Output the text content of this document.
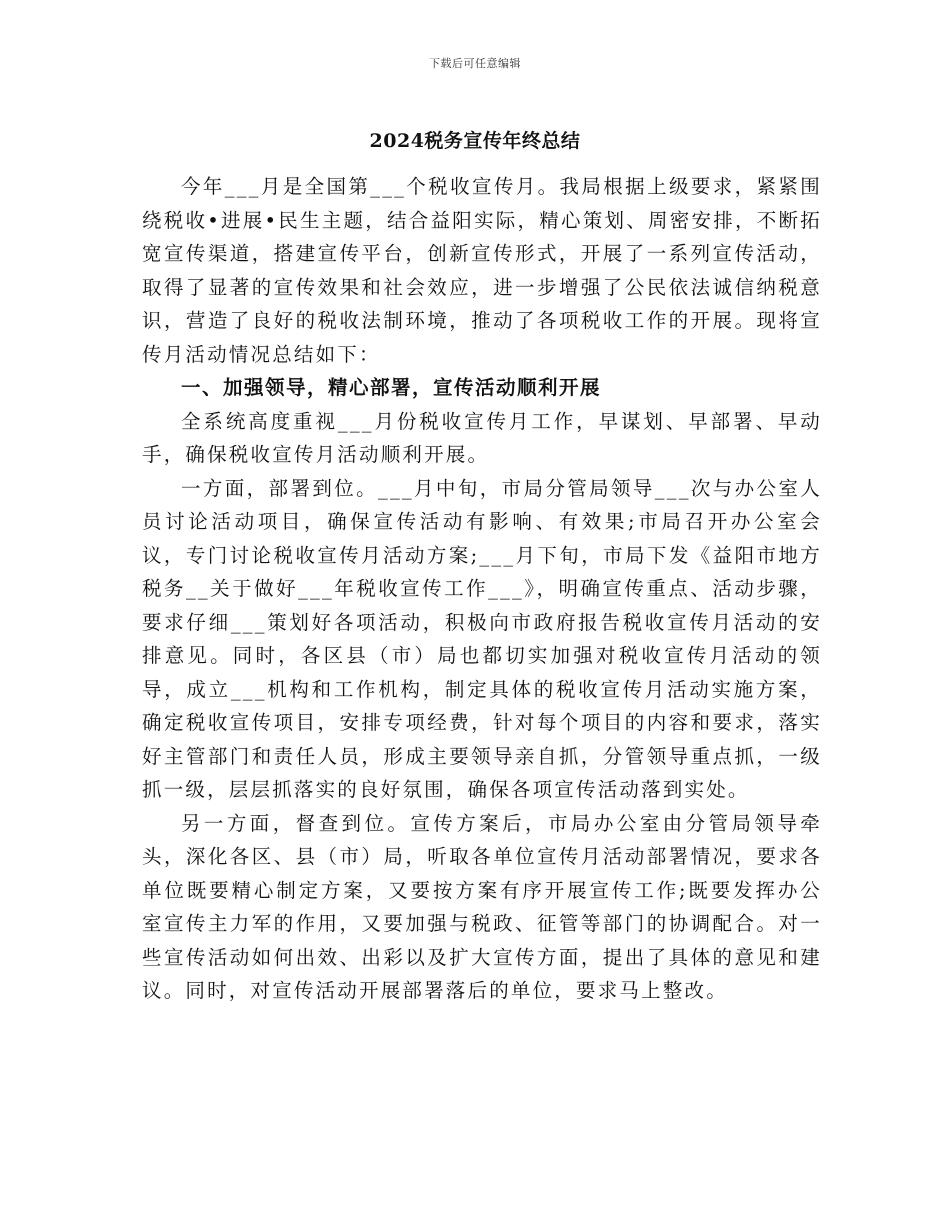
下载后可任意编辑
2024税务宣传年终总结

今年___月是全国第___个税收宣传月。我局根据上级要求，紧紧围绕税收•进展•民生主题，结合益阳实际，精心策划、周密安排，不断拓宽宣传渠道，搭建宣传平台，创新宣传形式，开展了一系列宣传活动，取得了显著的宣传效果和社会效应，进一步增强了公民依法诚信纳税意识，营造了良好的税收法制环境，推动了各项税收工作的开展。现将宣传月活动情况总结如下：

一、加强领导，精心部署，宣传活动顺利开展

全系统高度重视___月份税收宣传月工作，早谋划、早部署、早动手，确保税收宣传月活动顺利开展。

一方面，部署到位。___月中旬，市局分管局领导___次与办公室人员讨论活动项目，确保宣传活动有影响、有效果;市局召开办公室会议，专门讨论税收宣传月活动方案;___月下旬，市局下发《益阳市地方税务__关于做好___年税收宣传工作___》，明确宣传重点、活动步骤，要求仔细___策划好各项活动，积极向市政府报告税收宣传月活动的安排意见。同时，各区县（市）局也都切实加强对税收宣传月活动的领导，成立___机构和工作机构，制定具体的税收宣传月活动实施方案，确定税收宣传项目，安排专项经费，针对每个项目的内容和要求，落实好主管部门和责任人员，形成主要领导亲自抓，分管领导重点抓，一级抓一级，层层抓落实的良好氛围，确保各项宣传活动落到实处。

另一方面，督查到位。宣传方案后，市局办公室由分管局领导牵头，深化各区、县（市）局，听取各单位宣传月活动部署情况，要求各单位既要精心制定方案，又要按方案有序开展宣传工作;既要发挥办公室宣传主力军的作用，又要加强与税政、征管等部门的协调配合。对一些宣传活动如何出效、出彩以及扩大宣传方面，提出了具体的意见和建议。同时，对宣传活动开展部署落后的单位，要求马上整改。
